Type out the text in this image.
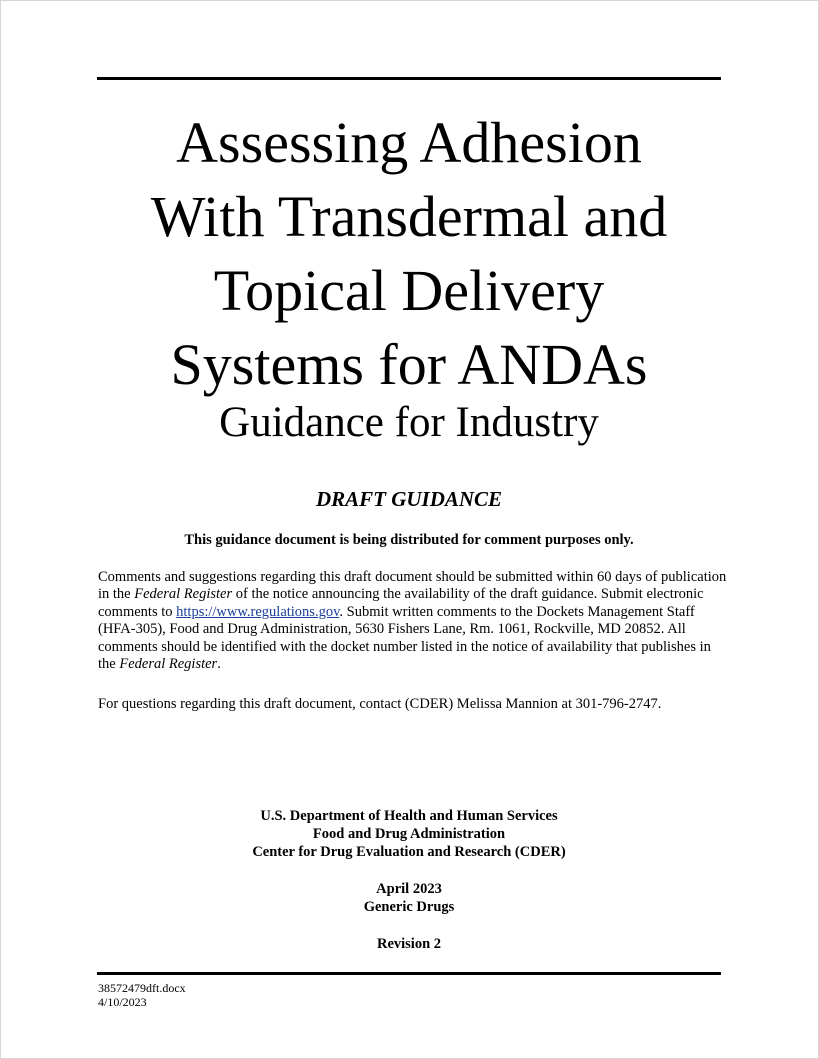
Assessing Adhesion
With Transdermal and
Topical Delivery
Systems for ANDAs
Guidance for Industry

DRAFT GUIDANCE

This guidance document is being distributed for comment purposes only.

Comments and suggestions regarding this draft document should be submitted within 60 days of publication in the Federal Register of the notice announcing the availability of the draft guidance. Submit electronic comments to https://www.regulations.gov. Submit written comments to the Dockets Management Staff (HFA-305), Food and Drug Administration, 5630 Fishers Lane, Rm. 1061, Rockville, MD 20852. All comments should be identified with the docket number listed in the notice of availability that publishes in the Federal Register.

For questions regarding this draft document, contact (CDER) Melissa Mannion at 301-796-2747.

U.S. Department of Health and Human Services
Food and Drug Administration
Center for Drug Evaluation and Research (CDER)

April 2023
Generic Drugs

Revision 2

38572479dft.docx
4/10/2023
